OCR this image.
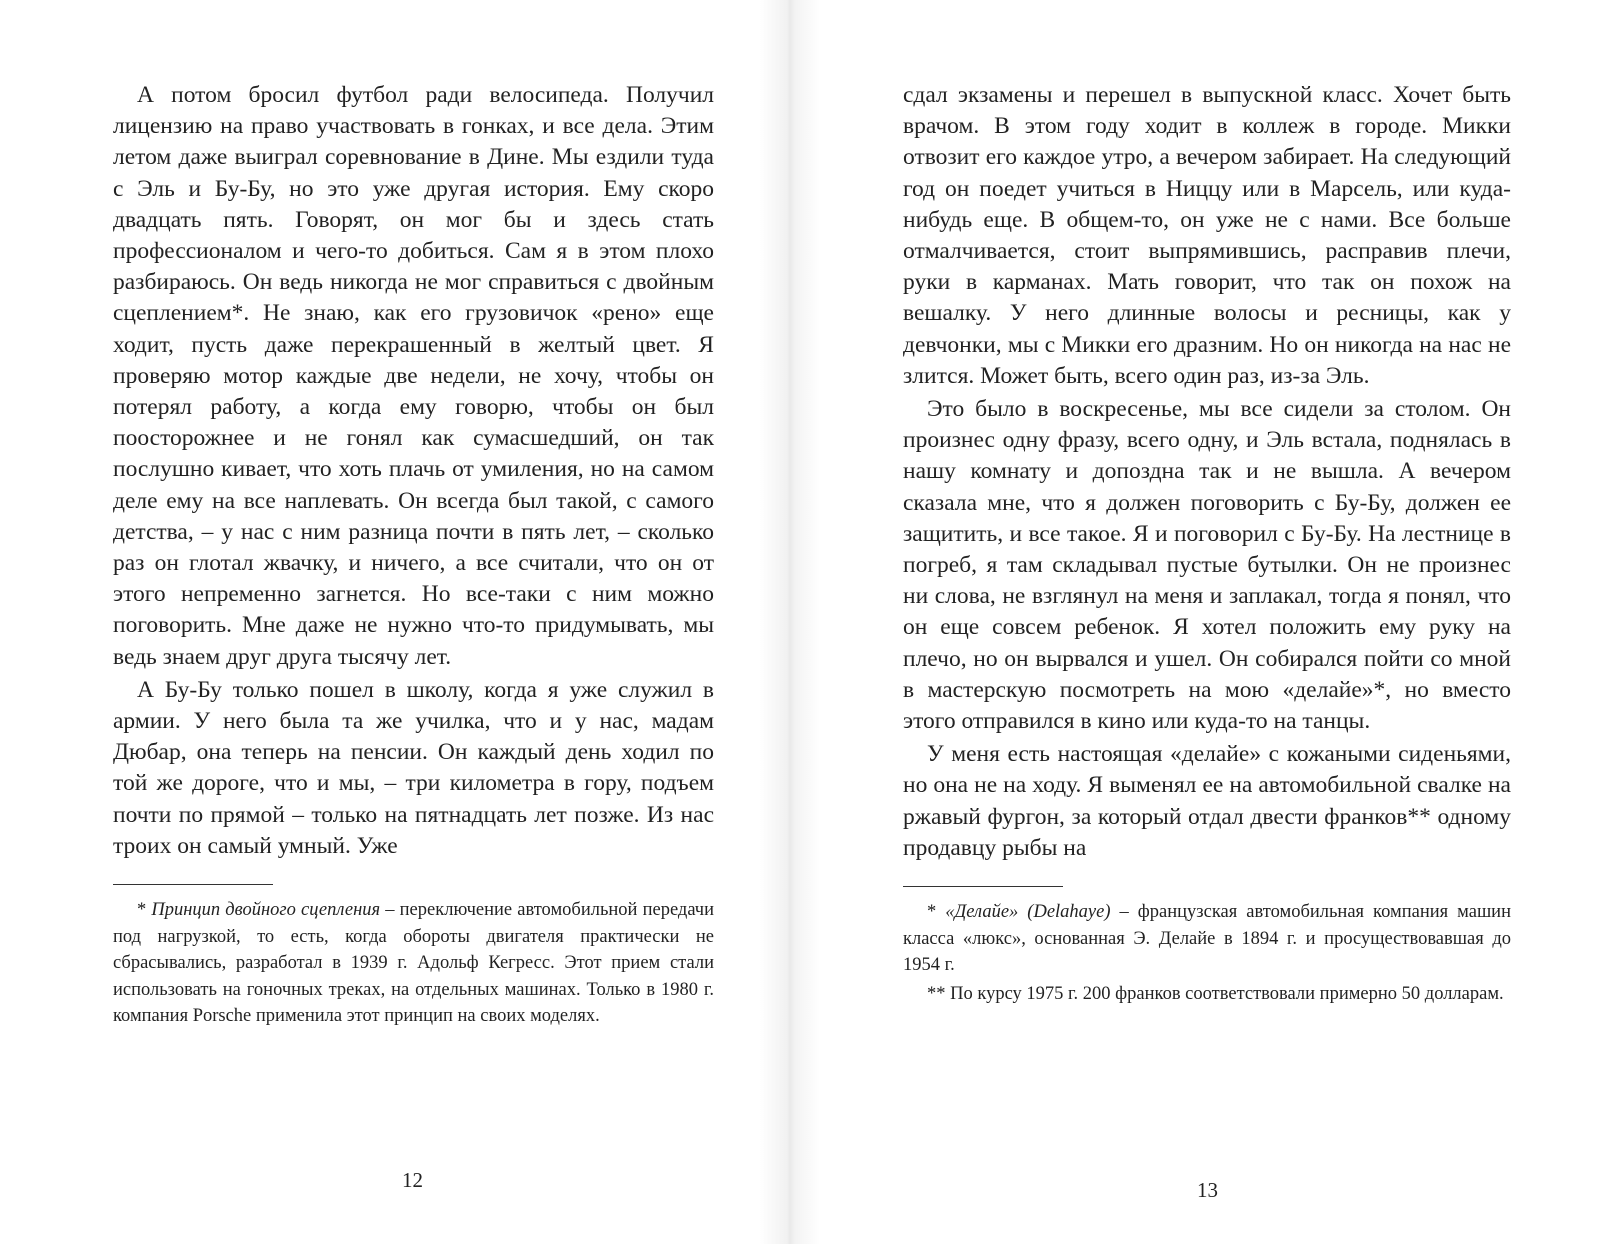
А потом бросил футбол ради велосипеда. Получил лицензию на право участвовать в гонках, и все дела. Этим летом даже выиграл соревнование в Дине. Мы ездили туда с Эль и Бу-Бу, но это уже другая история. Ему скоро двадцать пять. Говорят, он мог бы и здесь стать профессионалом и чего-то добиться. Сам я в этом плохо разбираюсь. Он ведь никогда не мог справиться с двойным сцеплением*. Не знаю, как его грузовичок «рено» еще ходит, пусть даже перекрашенный в желтый цвет. Я проверяю мотор каждые две недели, не хочу, чтобы он потерял работу, а когда ему говорю, чтобы он был поосторожнее и не гонял как сумасшедший, он так послушно кивает, что хоть плачь от умиления, но на самом деле ему на все наплевать. Он всегда был такой, с самого детства, – у нас с ним разница почти в пять лет, – сколько раз он глотал жвачку, и ничего, а все считали, что он от этого непременно загнется. Но все-таки с ним можно поговорить. Мне даже не нужно что-то придумывать, мы ведь знаем друг друга тысячу лет.

А Бу-Бу только пошел в школу, когда я уже служил в армии. У него была та же училка, что и у нас, мадам Дюбар, она теперь на пенсии. Он каждый день ходил по той же дороге, что и мы, – три километра в гору, подъем почти по прямой – только на пятнадцать лет позже. Из нас троих он самый умный. Уже

* Принцип двойного сцепления – переключение автомобильной передачи под нагрузкой, то есть, когда обороты двигателя практически не сбрасывались, разработал в 1939 г. Адольф Кегресс. Этот прием стали использовать на гоночных треках, на отдельных машинах. Только в 1980 г. компания Porsche применила этот принцип на своих моделях.

сдал экзамены и перешел в выпускной класс. Хочет быть врачом. В этом году ходит в коллеж в городе. Микки отвозит его каждое утро, а вечером забирает. На следующий год он поедет учиться в Ниццу или в Марсель, или куда-нибудь еще. В общем-то, он уже не с нами. Все больше отмалчивается, стоит выпрямившись, расправив плечи, руки в карманах. Мать говорит, что так он похож на вешалку. У него длинные волосы и ресницы, как у девчонки, мы с Микки его дразним. Но он никогда на нас не злится. Может быть, всего один раз, из-за Эль.

Это было в воскресенье, мы все сидели за столом. Он произнес одну фразу, всего одну, и Эль встала, поднялась в нашу комнату и допоздна так и не вышла. А вечером сказала мне, что я должен поговорить с Бу-Бу, должен ее защитить, и все такое. Я и поговорил с Бу-Бу. На лестнице в погреб, я там складывал пустые бутылки. Он не произнес ни слова, не взглянул на меня и заплакал, тогда я понял, что он еще совсем ребенок. Я хотел положить ему руку на плечо, но он вырвался и ушел. Он собирался пойти со мной в мастерскую посмотреть на мою «делайе»*, но вместо этого отправился в кино или куда-то на танцы.

У меня есть настоящая «делайе» с кожаными сиденьями, но она не на ходу. Я выменял ее на автомобильной свалке на ржавый фургон, за который отдал двести франков** одному продавцу рыбы на

* «Делайе» (Delahaye) – французская автомобильная компания машин класса «люкс», основанная Э. Делайе в 1894 г. и просуществовавшая до 1954 г.

** По курсу 1975 г. 200 франков соответствовали примерно 50 долларам.

12	13
